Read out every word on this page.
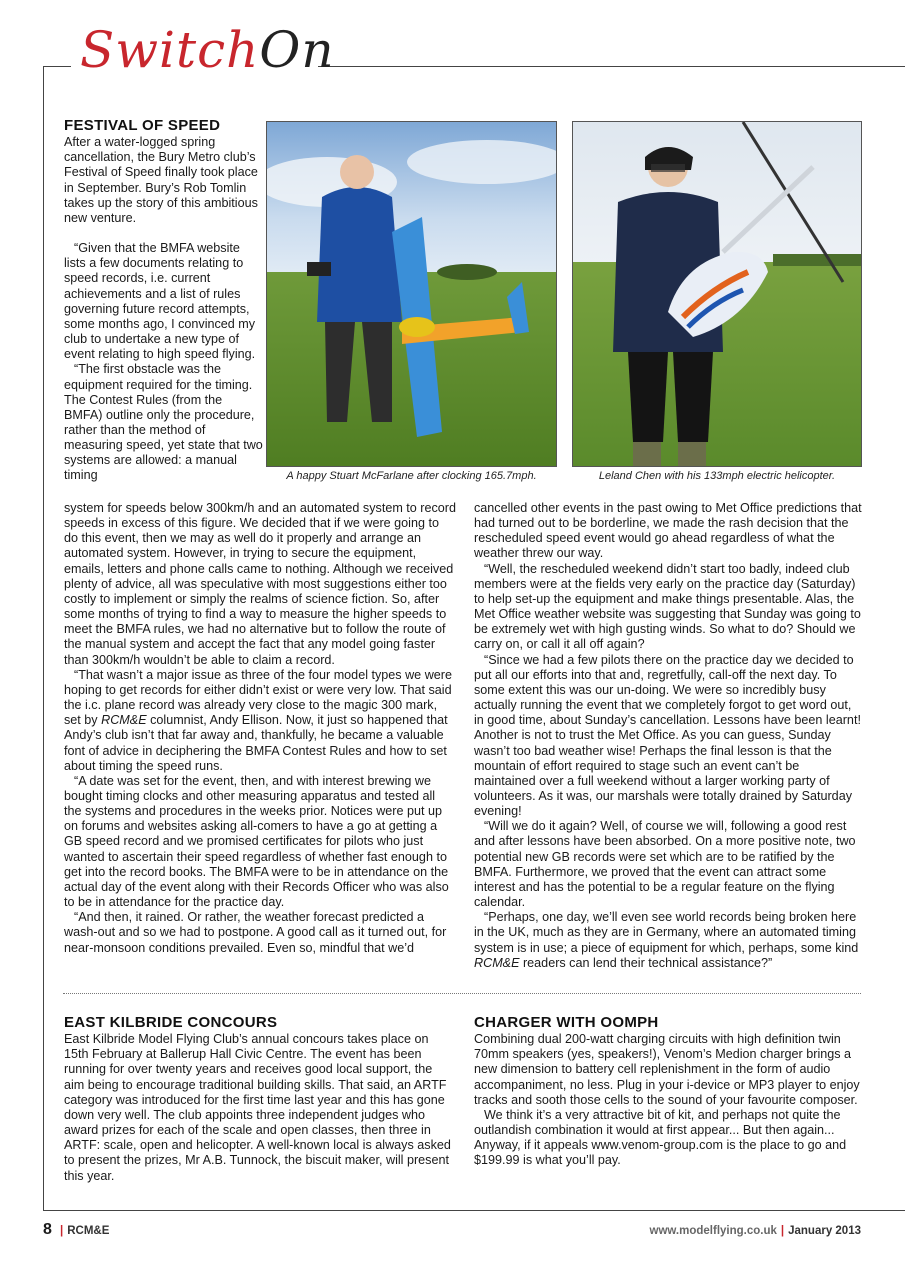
SwitchOn
FESTIVAL OF SPEED

After a water-logged spring cancellation, the Bury Metro club’s Festival of Speed finally took place in September. Bury’s Rob Tomlin takes up the story of this ambitious new venture.

“Given that the BMFA website lists a few documents relating to speed records, i.e. current achievements and a list of rules governing future record attempts, some months ago, I convinced my club to undertake a new type of event relating to high speed flying.

“The first obstacle was the equipment required for the timing. The Contest Rules (from the BMFA) outline only the procedure, rather than the method of measuring speed, yet state that two systems are allowed: a manual timing	A happy Stuart McFarlane after clocking 165.7mph.	Leland Chen with his 133mph electric helicopter.

system for speeds below 300km/h and an automated system to record speeds in excess of this figure. We decided that if we were going to do this event, then we may as well do it properly and arrange an automated system. However, in trying to secure the equipment, emails, letters and phone calls came to nothing. Although we received plenty of advice, all was speculative with most suggestions either too costly to implement or simply the realms of science fiction. So, after some months of trying to find a way to measure the higher speeds to meet the BMFA rules, we had no alternative but to follow the route of the manual system and accept the fact that any model going faster than 300km/h wouldn’t be able to claim a record.

“That wasn’t a major issue as three of the four model types we were hoping to get records for either didn’t exist or were very low. That said the i.c. plane record was already very close to the magic 300 mark, set by RCM&E columnist, Andy Ellison. Now, it just so happened that Andy’s club isn’t that far away and, thankfully, he became a valuable font of advice in deciphering the BMFA Contest Rules and how to set about timing the speed runs.

“A date was set for the event, then, and with interest brewing we bought timing clocks and other measuring apparatus and tested all the systems and procedures in the weeks prior. Notices were put up on forums and websites asking all-comers to have a go at getting a GB speed record and we promised certificates for pilots who just wanted to ascertain their speed regardless of whether fast enough to get into the record books. The BMFA were to be in attendance on the actual day of the event along with their Records Officer who was also to be in attendance for the practice day.

“And then, it rained. Or rather, the weather forecast predicted a wash-out and so we had to postpone. A good call as it turned out, for near-monsoon conditions prevailed. Even so, mindful that we’d

cancelled other events in the past owing to Met Office predictions that had turned out to be borderline, we made the rash decision that the rescheduled speed event would go ahead regardless of what the weather threw our way.

“Well, the rescheduled weekend didn’t start too badly, indeed club members were at the fields very early on the practice day (Saturday) to help set-up the equipment and make things presentable. Alas, the Met Office weather website was suggesting that Sunday was going to be extremely wet with high gusting winds. So what to do? Should we carry on, or call it all off again?

“Since we had a few pilots there on the practice day we decided to put all our efforts into that and, regretfully, call-off the next day. To some extent this was our un-doing. We were so incredibly busy actually running the event that we completely forgot to get word out, in good time, about Sunday’s cancellation. Lessons have been learnt! Another is not to trust the Met Office. As you can guess, Sunday wasn’t too bad weather wise! Perhaps the final lesson is that the mountain of effort required to stage such an event can’t be maintained over a full weekend without a larger working party of volunteers. As it was, our marshals were totally drained by Saturday evening!

“Will we do it again? Well, of course we will, following a good rest and after lessons have been absorbed. On a more positive note, two potential new GB records were set which are to be ratified by the BMFA. Furthermore, we proved that the event can attract some interest and has the potential to be a regular feature on the flying calendar.

“Perhaps, one day, we’ll even see world records being broken here in the UK, much as they are in Germany, where an automated timing system is in use; a piece of equipment for which, perhaps, some kind RCM&E readers can lend their technical assistance?”

EAST KILBRIDE CONCOURS

East Kilbride Model Flying Club’s annual concours takes place on 15th February at Ballerup Hall Civic Centre. The event has been running for over twenty years and receives good local support, the aim being to encourage traditional building skills. That said, an ARTF category was introduced for the first time last year and this has gone down very well. The club appoints three independent judges who award prizes for each of the scale and open classes, then three in ARTF: scale, open and helicopter. A well-known local is always asked to present the prizes, Mr A.B. Tunnock, the biscuit maker, will present this year.

CHARGER WITH OOMPH

Combining dual 200-watt charging circuits with high definition twin 70mm speakers (yes, speakers!), Venom’s Medion charger brings a new dimension to battery cell replenishment in the form of audio accompaniment, no less. Plug in your i-device or MP3 player to enjoy tracks and sooth those cells to the sound of your favourite composer.

We think it’s a very attractive bit of kit, and perhaps not quite the outlandish combination it would at first appear... But then again... Anyway, if it appeals www.venom-group.com is the place to go and $199.99 is what you’ll pay.

8 | RCM&E	www.modelflying.co.uk | January 2013
